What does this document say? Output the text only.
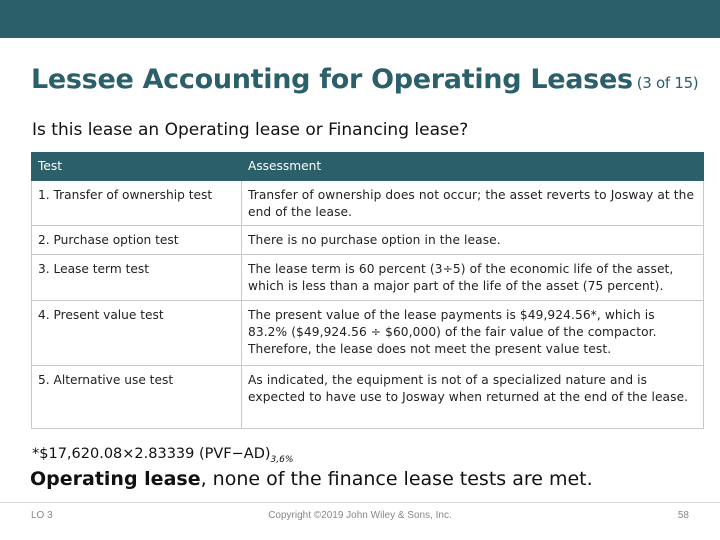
Lessee Accounting for Operating Leases (3 of 15)
Is this lease an Operating lease or Financing lease?
Test	Assessment
1. Transfer of ownership test	Transfer of ownership does not occur; the asset reverts to Josway at the end of the lease.
2. Purchase option test	There is no purchase option in the lease.
3. Lease term test	The lease term is 60 percent (3÷5) of the economic life of the asset, which is less than a major part of the life of the asset (75 percent).
4. Present value test	The present value of the lease payments is $49,924.56*, which is 83.2% ($49,924.56 ÷ $60,000) of the fair value of the compactor. Therefore, the lease does not meet the present value test.
5. Alternative use test	As indicated, the equipment is not of a specialized nature and is expected to have use to Josway when returned at the end of the lease.
*$17,620.08×2.83339 $(PVF-AD)_{3,6\%}$
Operating lease, none of the finance lease tests are met.
Copyright ©2019 John Wiley & Sons, Inc.
LO 3	58
